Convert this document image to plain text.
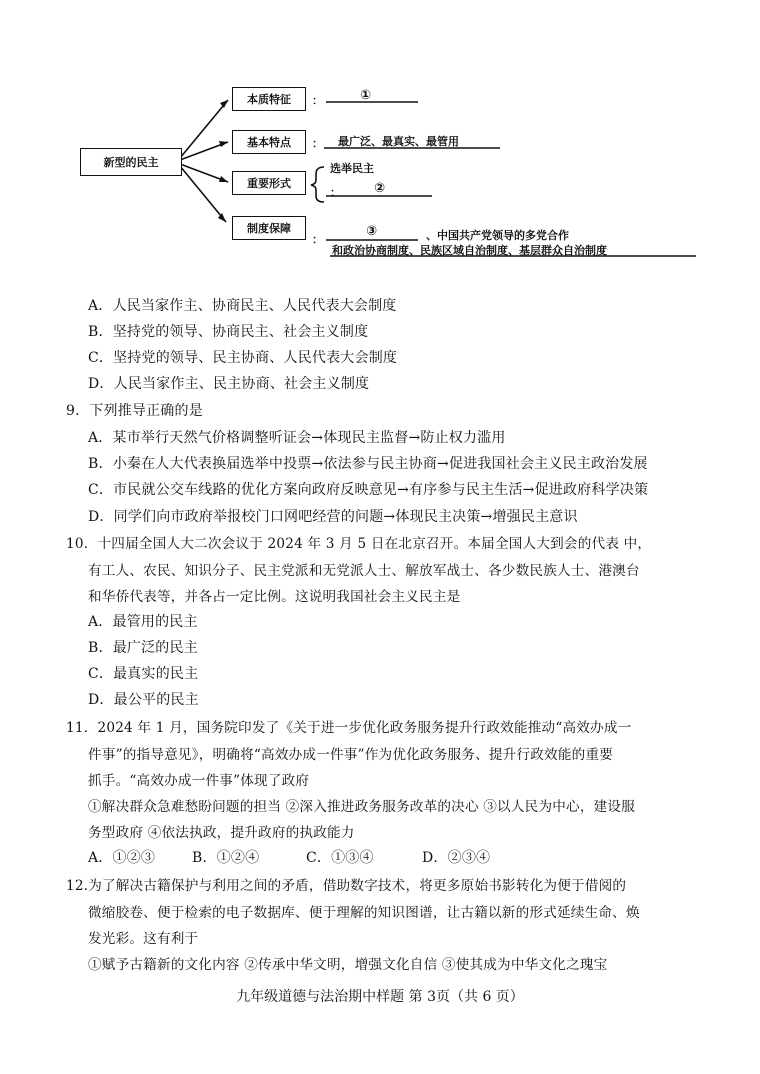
新型的民主
本质特征 ：	①
基本特点 ： 最广泛、最真实、最管用
重要形式
选举民主
：	②
制度保障
：
③	、中国共产党领导的多党合作
和政治协商制度、民族区域自治制度、基层群众自治制度
A．人民当家作主、协商民主、人民代表大会制度
B．坚持党的领导、协商民主、社会主义制度
C．坚持党的领导、民主协商、人民代表大会制度
D．人民当家作主、民主协商、社会主义制度
9．下列推导正确的是
A．某市举行天然气价格调整听证会→体现民主监督→防止权力滥用
B．小秦在人大代表换届选举中投票→依法参与民主协商→促进我国社会主义民主政治发展
C．市民就公交车线路的优化方案向政府反映意见→有序参与民主生活→促进政府科学决策
D．同学们向市政府举报校门口网吧经营的问题→体现民主决策→增强民主意识
10．十四届全国人大二次会议于 2024 年 3 月 5 日在北京召开。本届全国人大到会的代表 中，
有工人、农民、知识分子、民主党派和无党派人士、解放军战士、各少数民族人士、港澳台
和华侨代表等，并各占一定比例。这说明我国社会主义民主是
A．最管用的民主
B．最广泛的民主
C．最真实的民主
D．最公平的民主
11．2024 年 1 月，国务院印发了《关于进一步优化政务服务提升行政效能推动“高效办成一
件事”的指导意见》，明确将“高效办成一件事”作为优化政务服务、提升行政效能的重要
抓手。“高效办成一件事”体现了政府
①解决群众急难愁盼问题的担当 ②深入推进政务服务改革的决心 ③以人民为中心，建设服
务型政府 ④依法执政，提升政府的执政能力
A．①②③	B．①②④	C．①③④	D．②③④
12.为了解决古籍保护与利用之间的矛盾，借助数字技术，将更多原始书影转化为便于借阅的
微缩胶卷、便于检索的电子数据库、便于理解的知识图谱，让古籍以新的形式延续生命、焕
发光彩。这有利于
①赋予古籍新的文化内容 ②传承中华文明，增强文化自信 ③使其成为中华文化之瑰宝
九年级道德与法治期中样题 第 3页（共 6 页）
